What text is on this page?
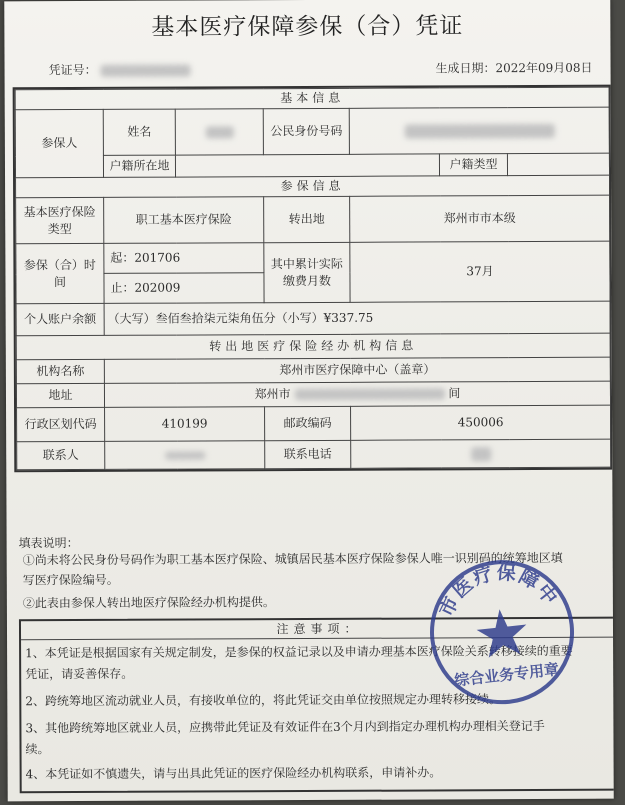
基本医疗保障参保（合）凭证
凭证号：	生成日期：2022年09月08日
基本信息						
参保人	姓名		公民身份号码			
	户籍所在地				户籍类型	
参保信息						
基本医疗保险类型	职工基本医疗保险		转出地	郑州市市本级		
参保（合）时间	起：201706		其中累计实际缴费月数	37月		
	止：202009					
个人账户余额	（大写）叁佰叁拾柒元柒角伍分（小写）¥337.75					
转出地医疗保险经办机构信息						
机构名称	郑州市医疗保障中心（盖章）					
地址	郑州市 间					
行政区划代码	410199		邮政编码	450006		
联系人			联系电话			
填表说明：
①尚未将公民身份号码作为职工基本医疗保险、城镇居民基本医疗保险参保人唯一识别码的统筹地区填
写医疗保险编号。
②此表由参保人转出地医疗保险经办机构提供。
注意事项：
1、本凭证是根据国家有关规定制发，是参保的权益记录以及申请办理基本医疗保险关系转移接续的重要
凭证，请妥善保存。
2、跨统筹地区流动就业人员，有接收单位的，将此凭证交由单位按照规定办理转移接续。
3、其他跨统筹地区就业人员，应携带此凭证及有效证件在3个月内到指定办理机构办理相关登记手
续。
4、本凭证如不慎遗失，请与出具此凭证的医疗保险经办机构联系，申请补办。
市医疗保障中
综合业务专用章
